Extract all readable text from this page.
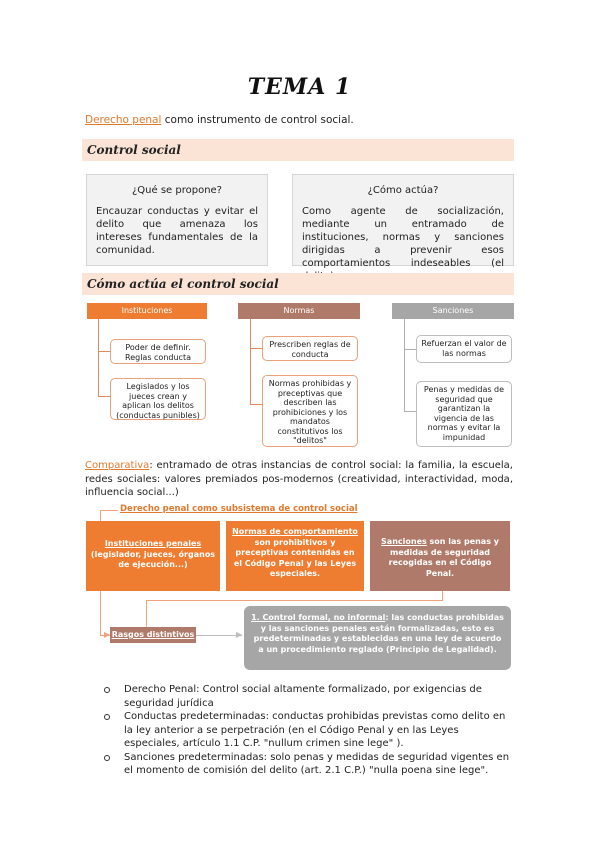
TEMA 1
Derecho penal como instrumento de control social.
Control social
¿Qué se propone?
Encauzar conductas y evitar el delito que amenaza los intereses fundamentales de la comunidad.
¿Cómo actúa?
Como agente de socialización, mediante un entramado de instituciones, normas y sanciones dirigidas a prevenir esos comportamientos indeseables (el
Cómo actúa el control social
Instituciones
Poder de definir. Reglas conducta
Legislados y los jueces crean y aplican los delitos (conductas punibles)
Normas
Prescriben reglas de conducta
Normas prohibidas y preceptivas que describen las prohibiciones y los mandatos constitutivos los "delitos"
Sanciones
Refuerzan el valor de las normas
Penas y medidas de seguridad que garantizan la vigencia de las normas y evitar la impunidad
Comparativa: entramado de otras instancias de control social: la familia, la escuela, redes sociales: valores premiados pos-modernos (creatividad, interactividad, moda, influencia social...)
▶
Derecho penal como subsistema de control social
Instituciones penales
(legislador, jueces, órganos de ejecución...)
Normas de comportamiento
son prohibitivos y preceptivas contenidas en el Código Penal y las Leyes especiales.
Sanciones son las penas y medidas de seguridad recogidas en el Código Penal.
Rasgos distintivos	▶
1. Control formal, no informal: las conductas prohibidas y las sanciones penales están formalizadas, esto es predeterminadas y establecidas en una ley de acuerdo a un procedimiento reglado (Principio de Legalidad).
Derecho Penal: Control social altamente formalizado, por exigencias de seguridad jurídica
Conductas predeterminadas: conductas prohibidas previstas como delito en la ley anterior a se perpetración (en el Código Penal y en las Leyes especiales, artículo 1.1 C.P. "nullum crimen sine lege" ).
Sanciones predeterminadas: solo penas y medidas de seguridad vigentes en el momento de comisión del delito (art. 2.1 C.P.) "nulla poena sine lege".
